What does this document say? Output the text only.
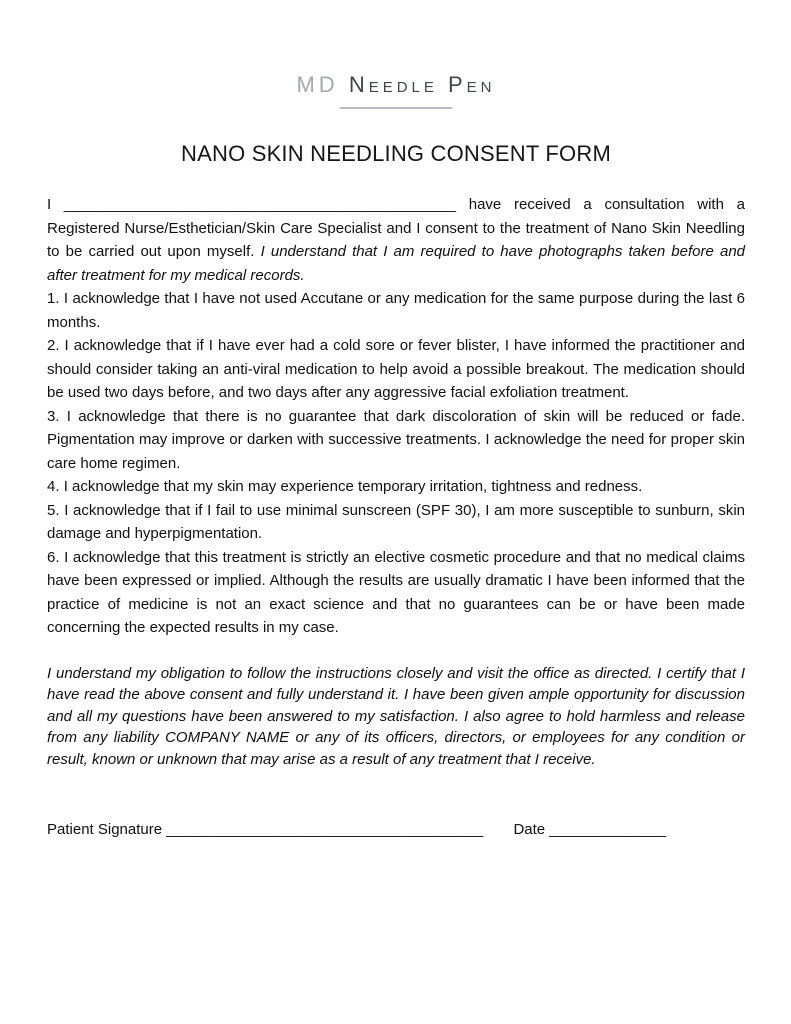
MD Needle Pen
NANO SKIN NEEDLING CONSENT FORM

I _______________________________________________ have received a consultation with a Registered Nurse/Esthetician/Skin Care Specialist and I consent to the treatment of Nano Skin Needling to be carried out upon myself. I understand that I am required to have photographs taken before and after treatment for my medical records.

1. I acknowledge that I have not used Accutane or any medication for the same purpose during the last 6 months.

2. I acknowledge that if I have ever had a cold sore or fever blister, I have informed the practitioner and should consider taking an anti-viral medication to help avoid a possible breakout. The medication should be used two days before, and two days after any aggressive facial exfoliation treatment.

3. I acknowledge that there is no guarantee that dark discoloration of skin will be reduced or fade. Pigmentation may improve or darken with successive treatments. I acknowledge the need for proper skin care home regimen.

4. I acknowledge that my skin may experience temporary irritation, tightness and redness.

5. I acknowledge that if I fail to use minimal sunscreen (SPF 30), I am more susceptible to sunburn, skin damage and hyperpigmentation.

6. I acknowledge that this treatment is strictly an elective cosmetic procedure and that no medical claims have been expressed or implied. Although the results are usually dramatic I have been informed that the practice of medicine is not an exact science and that no guarantees can be or have been made concerning the expected results in my case.

I understand my obligation to follow the instructions closely and visit the office as directed. I certify that I have read the above consent and fully understand it. I have been given ample opportunity for discussion and all my questions have been answered to my satisfaction. I also agree to hold harmless and release from any liability COMPANY NAME or any of its officers, directors, or employees for any condition or result, known or unknown that may arise as a result of any treatment that I receive.

Patient Signature ______________________________________ Date ______________
